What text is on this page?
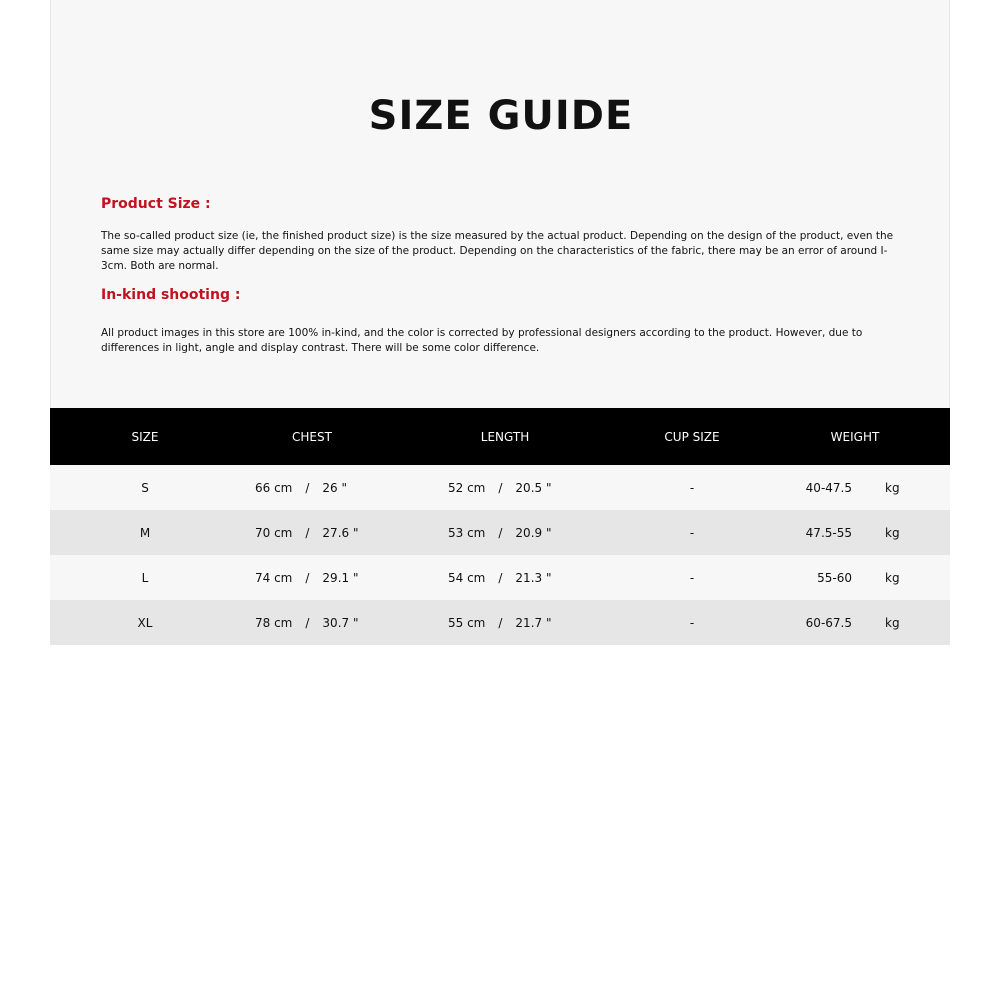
SIZE GUIDE
Product Size :

The so-called product size (ie, the finished product size) is the size measured by the actual product. Depending on the design of the product, even the same size may actually differ depending on the size of the product. Depending on the characteristics of the fabric, there may be an error of around I-3cm. Both are normal.

In-kind shooting :

All product images in this store are 100% in-kind, and the color is corrected by professional designers according to the product. However, due to differences in light, angle and display contrast. There will be some color difference.

SIZE	CHEST	LENGTH	CUP SIZE	WEIGHT
S	66 cm / 26 "	52 cm / 20.5 "	-	40-47.5	kg
M	70 cm / 27.6 "	53 cm / 20.9 "	-	47.5-55	kg
L	74 cm / 29.1 "	54 cm / 21.3 "	-	55-60	kg
XL	78 cm / 30.7 "	55 cm / 21.7 "	-	60-67.5	kg
